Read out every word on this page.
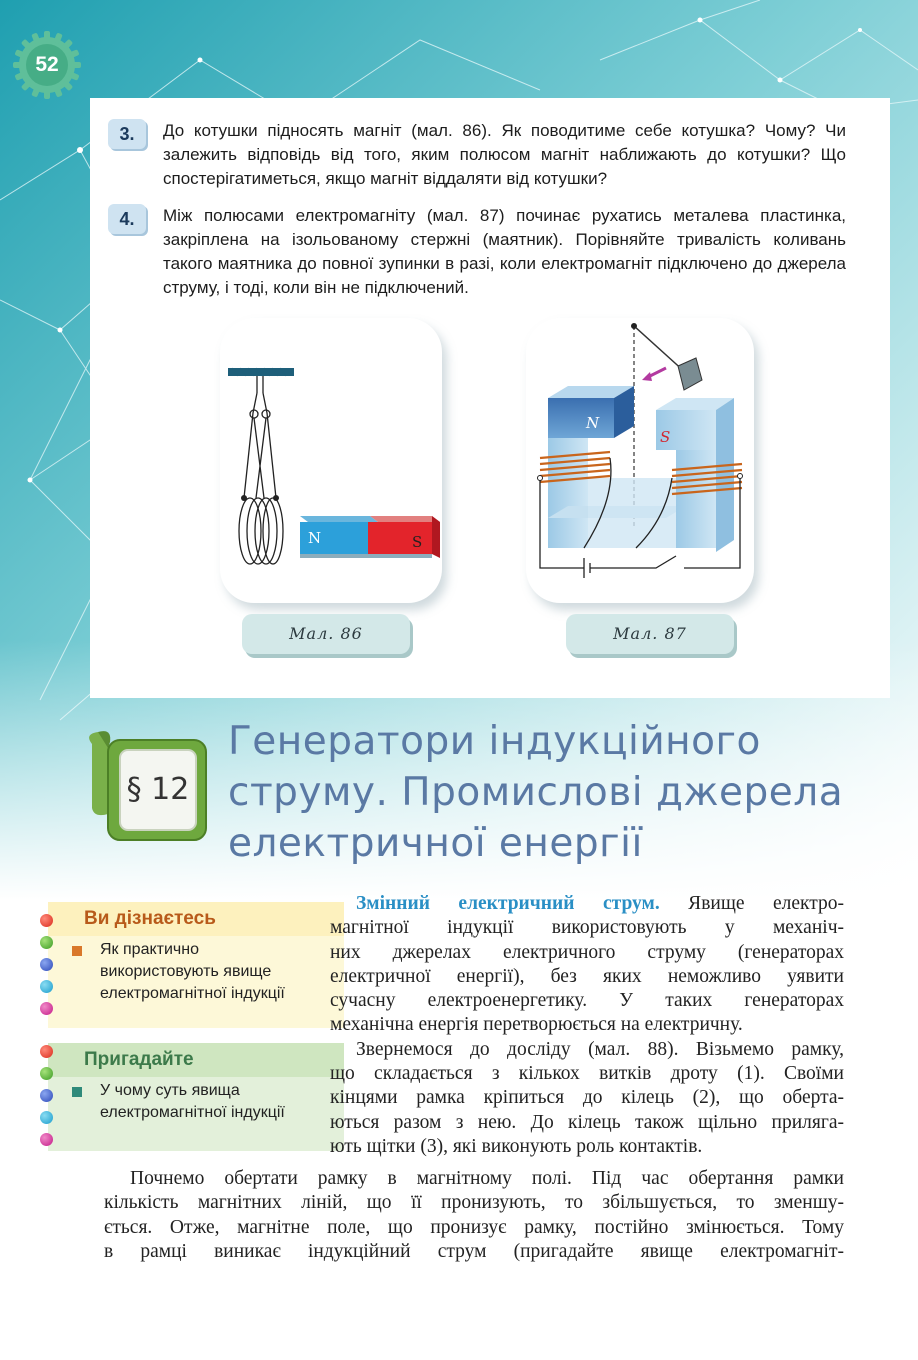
52
3.	До котушки підносять магніт (мал. 86). Як поводитиме себе котушка? Чому? Чи залежить відповідь від того, яким полюсом магніт наближають до котушки? Що спостерігатиметься, якщо магніт віддаляти від котушки?
4.	Між полюсами електромагніту (мал. 87) починає рухатись металева пластинка, закріплена на ізольованому стержні (маятник). Порівняйте тривалість коливань такого маятника до повної зупинки в разі, коли електромагніт підключено до джерела струму, і тоді, коли він не підключений.
N	S
Мал. 86
N
S
Мал. 87
§ 12
Генератори індукційного
струму. Промислові джерела
електричної енергії
Ви дізнаєтесь
Як практично використовують явище електромагнітної індукції
Пригадайте
У чому суть явища електромагнітної індукції

Змінний електричний струм. Явище електро-

магнітної індукції використовують у механіч-

них джерелах електричного струму (генераторах

електричної енергії), без яких неможливо уявити

сучасну електроенергетику. У таких генераторах

механічна енергія перетворюється на електричну.

Звернемося до досліду (мал. 88). Візьмемо рамку,

що складається з кількох витків дроту (1). Своїми

кінцями рамка кріпиться до кілець (2), що оберта-

ються разом з нею. До кілець також щільно приляга-

ють щітки (3), які виконують роль контактів.

Почнемо обертати рамку в магнітному полі. Під час обертання рамки

кількість магнітних ліній, що її пронизують, то збільшується, то зменшу-

ється. Отже, магнітне поле, що пронизує рамку, постійно змінюється. Тому

в рамці виникає індукційний струм (пригадайте явище електромагніт-
